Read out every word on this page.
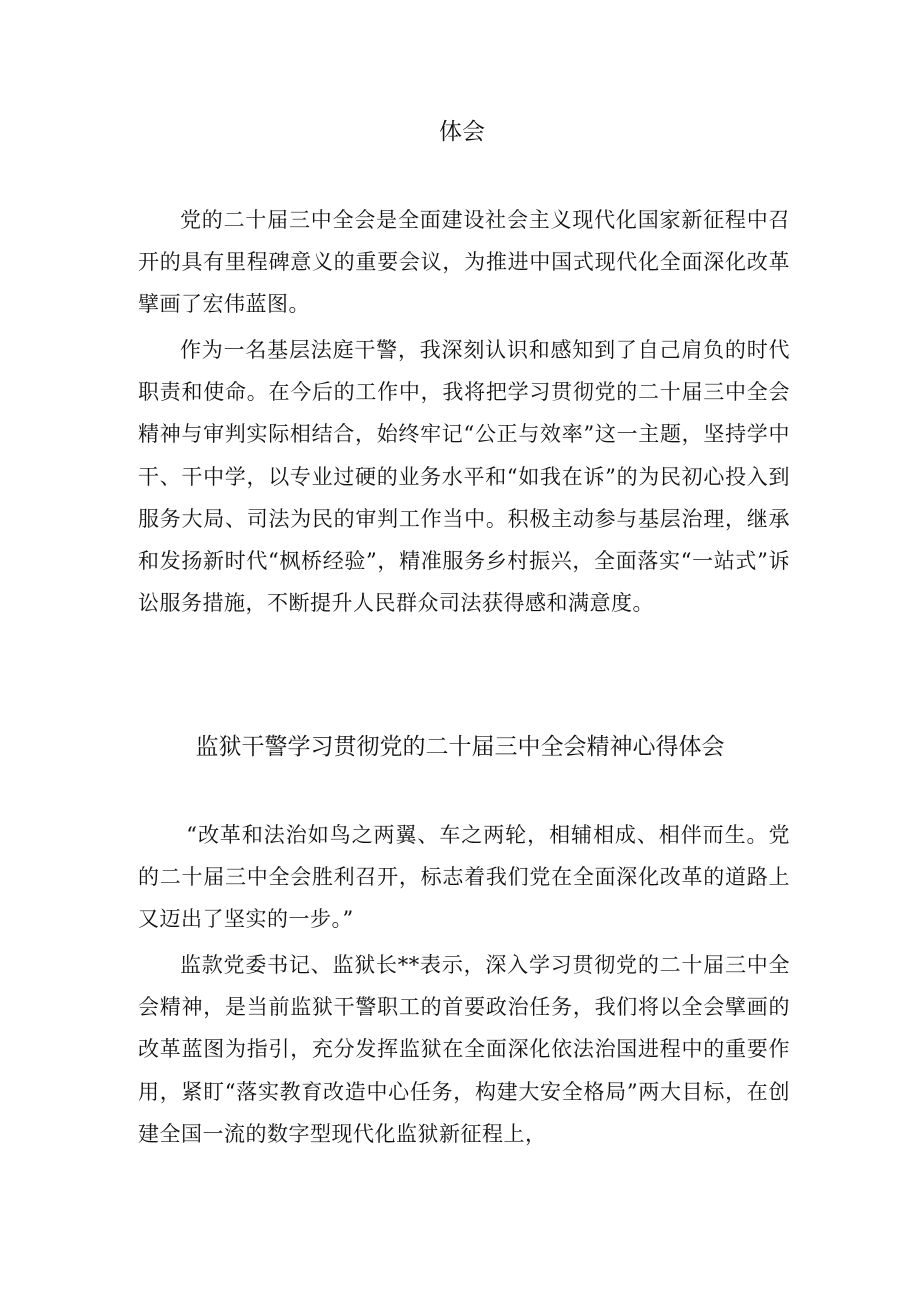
体会

党的二十届三中全会是全面建设社会主义现代化国家新征程中召开的具有里程碑意义的重要会议，为推进中国式现代化全面深化改革擘画了宏伟蓝图。

作为一名基层法庭干警，我深刻认识和感知到了自己肩负的时代职责和使命。在今后的工作中，我将把学习贯彻党的二十届三中全会精神与审判实际相结合，始终牢记“公正与效率”这一主题，坚持学中干、干中学，以专业过硬的业务水平和“如我在诉”的为民初心投入到服务大局、司法为民的审判工作当中。积极主动参与基层治理，继承和发扬新时代“枫桥经验”，精准服务乡村振兴，全面落实“一站式”诉讼服务措施，不断提升人民群众司法获得感和满意度。

监狱干警学习贯彻党的二十届三中全会精神心得体会

“改革和法治如鸟之两翼、车之两轮，相辅相成、相伴而生。党的二十届三中全会胜利召开，标志着我们党在全面深化改革的道路上又迈出了坚实的一步。”

监款党委书记、监狱长**表示，深入学习贯彻党的二十届三中全会精神，是当前监狱干警职工的首要政治任务，我们将以全会擘画的改革蓝图为指引，充分发挥监狱在全面深化依法治国进程中的重要作用，紧盯“落实教育改造中心任务，构建大安全格局”两大目标，在创建全国一流的数字型现代化监狱新征程上，
